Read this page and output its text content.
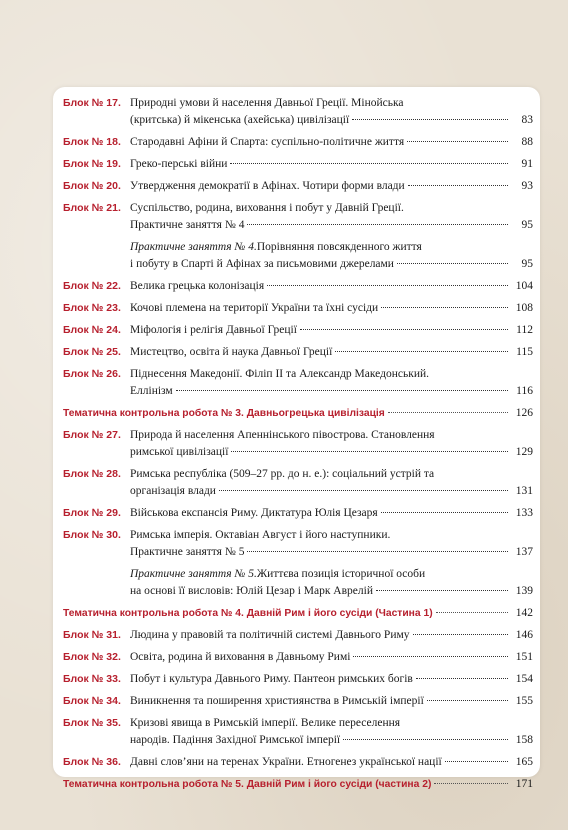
Блок № 17. Природні умови й населення Давньої Греції. Мінойська
(критська) й мікенська (ахейська) цивілізації	83
Блок № 18. Стародавні Афіни й Спарта: суспільно-політичне життя	88
Блок № 19. Греко-перські війни	91
Блок № 20. Утвердження демократії в Афінах. Чотири форми влади	93
Блок № 21. Суспільство, родина, виховання і побут у Давній Греції.
Практичне заняття № 4	95
Практичне заняття № 4. Порівняння повсякденного життя
і побуту в Спарті й Афінах за письмовими джерелами	95
Блок № 22. Велика грецька колонізація	104
Блок № 23. Кочові племена на території України та їхні сусіди	108
Блок № 24. Міфологія і релігія Давньої Греції	112
Блок № 25. Мистецтво, освіта й наука Давньої Греції	115
Блок № 26. Піднесення Македонії. Філіп ІІ та Александр Македонський.
Еллінізм	116
Тематична контрольна робота № 3. Давньогрецька цивілізація	126
Блок № 27. Природа й населення Апеннінського півострова. Становлення
римської цивілізації	129
Блок № 28. Римська республіка (509–27 рр. до н. е.): соціальний устрій та
організація влади	131
Блок № 29. Військова експансія Риму. Диктатура Юлія Цезаря	133
Блок № 30. Римська імперія. Октавіан Август і його наступники.
Практичне заняття № 5	137
Практичне заняття № 5. Життєва позиція історичної особи
на основі її висловів: Юлій Цезар і Марк Аврелій	139
Тематична контрольна робота № 4. Давній Рим і його сусіди (Частина 1)	142
Блок № 31. Людина у правовій та політичній системі Давнього Риму	146
Блок № 32. Освіта, родина й виховання в Давньому Римі	151
Блок № 33. Побут і культура Давнього Риму. Пантеон римських богів	154
Блок № 34. Виникнення та поширення християнства в Римській імперії	155
Блок № 35. Кризові явища в Римській імперії. Велике переселення
народів. Падіння Західної Римської імперії	158
Блок № 36. Давні слов’яни на теренах України. Етногенез української нації	165
Тематична контрольна робота № 5. Давній Рим і його сусіди (частина 2)	171
